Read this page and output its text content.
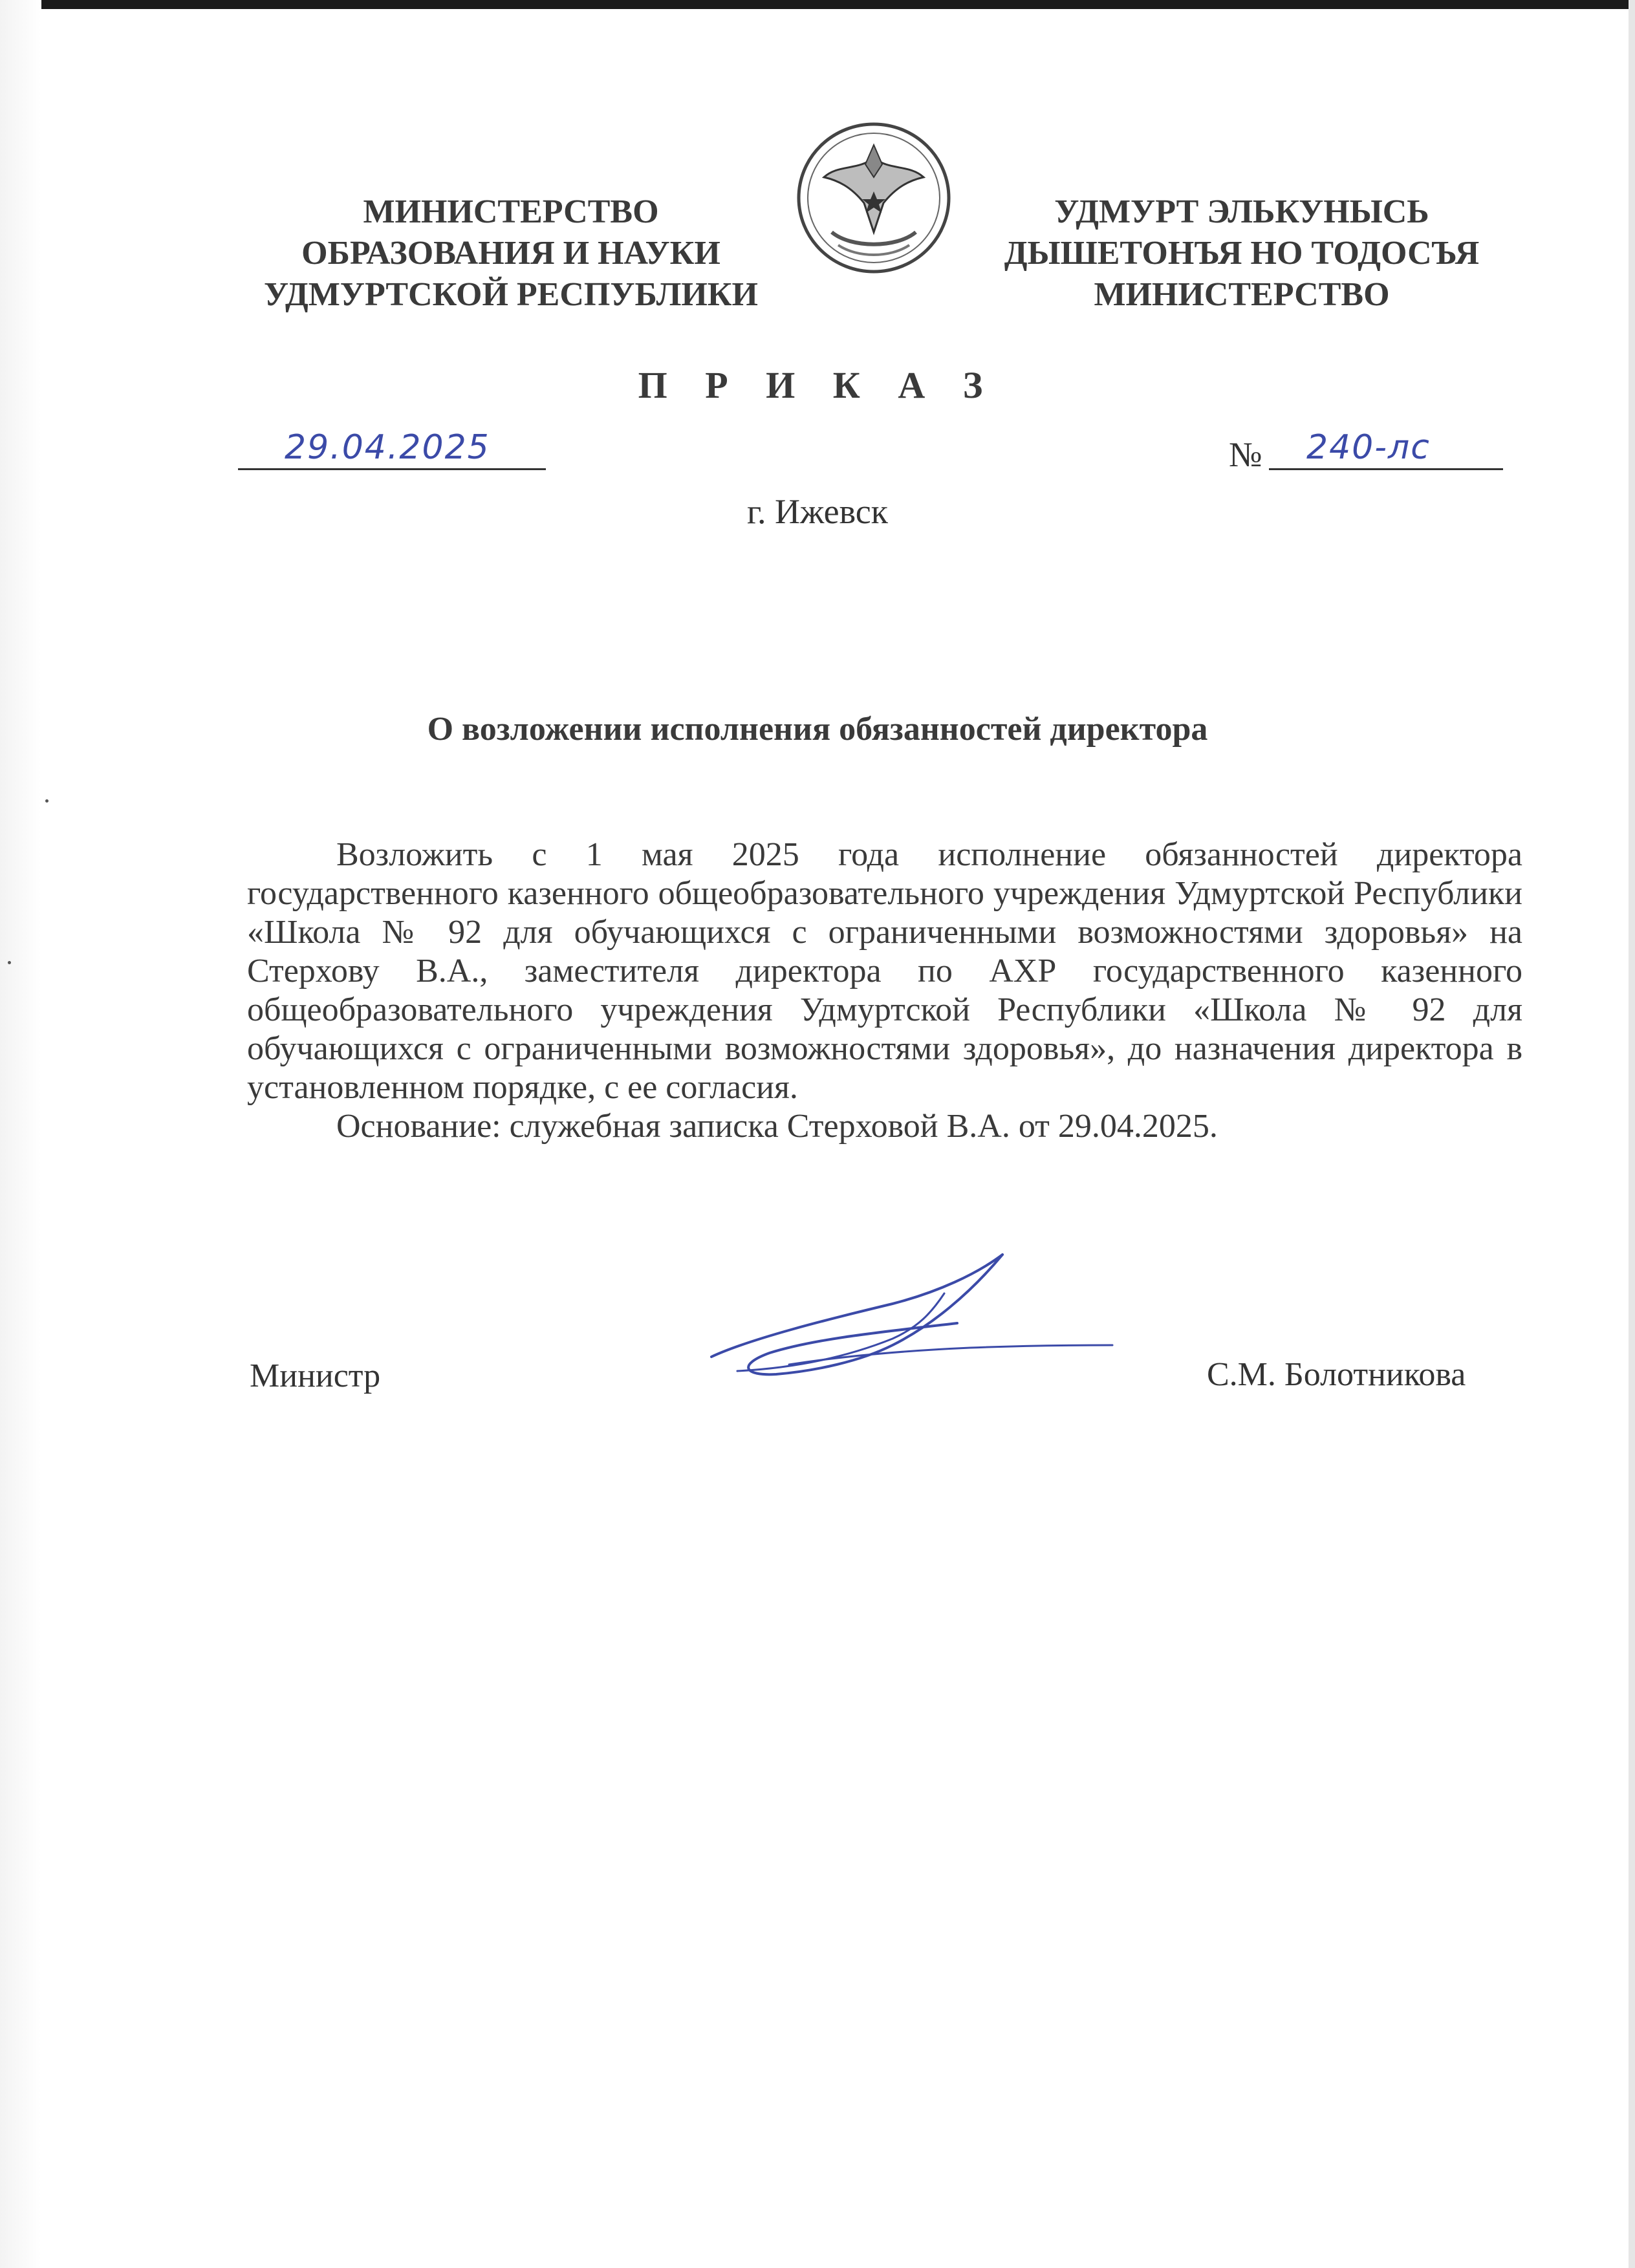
МИНИСТЕРСТВО
ОБРАЗОВАНИЯ И НАУКИ
УДМУРТСКОЙ РЕСПУБЛИКИ
УДМУРТ ЭЛЬКУНЫСЬ
ДЫШЕТОНЪЯ НО ТОДОСЪЯ
МИНИСТЕРСТВО
П Р И К А З
29.04.2025	№ 240-лс
г. Ижевск
О возложении исполнения обязанностей директора

Возложить с 1 мая 2025 года исполнение обязанностей директора государственного казенного общеобразовательного учреждения Удмуртской Республики «Школа № 92 для обучающихся с ограниченными возможностями здоровья» на Стерхову В.А., заместителя директора по АХР государственного казенного общеобразовательного учреждения Удмуртской Республики «Школа № 92 для обучающихся с ограниченными возможностями здоровья», до назначения директора в установленном порядке, с ее согласия.

Основание: служебная записка Стерховой В.А. от 29.04.2025.

Министр	С.М. Болотникова
